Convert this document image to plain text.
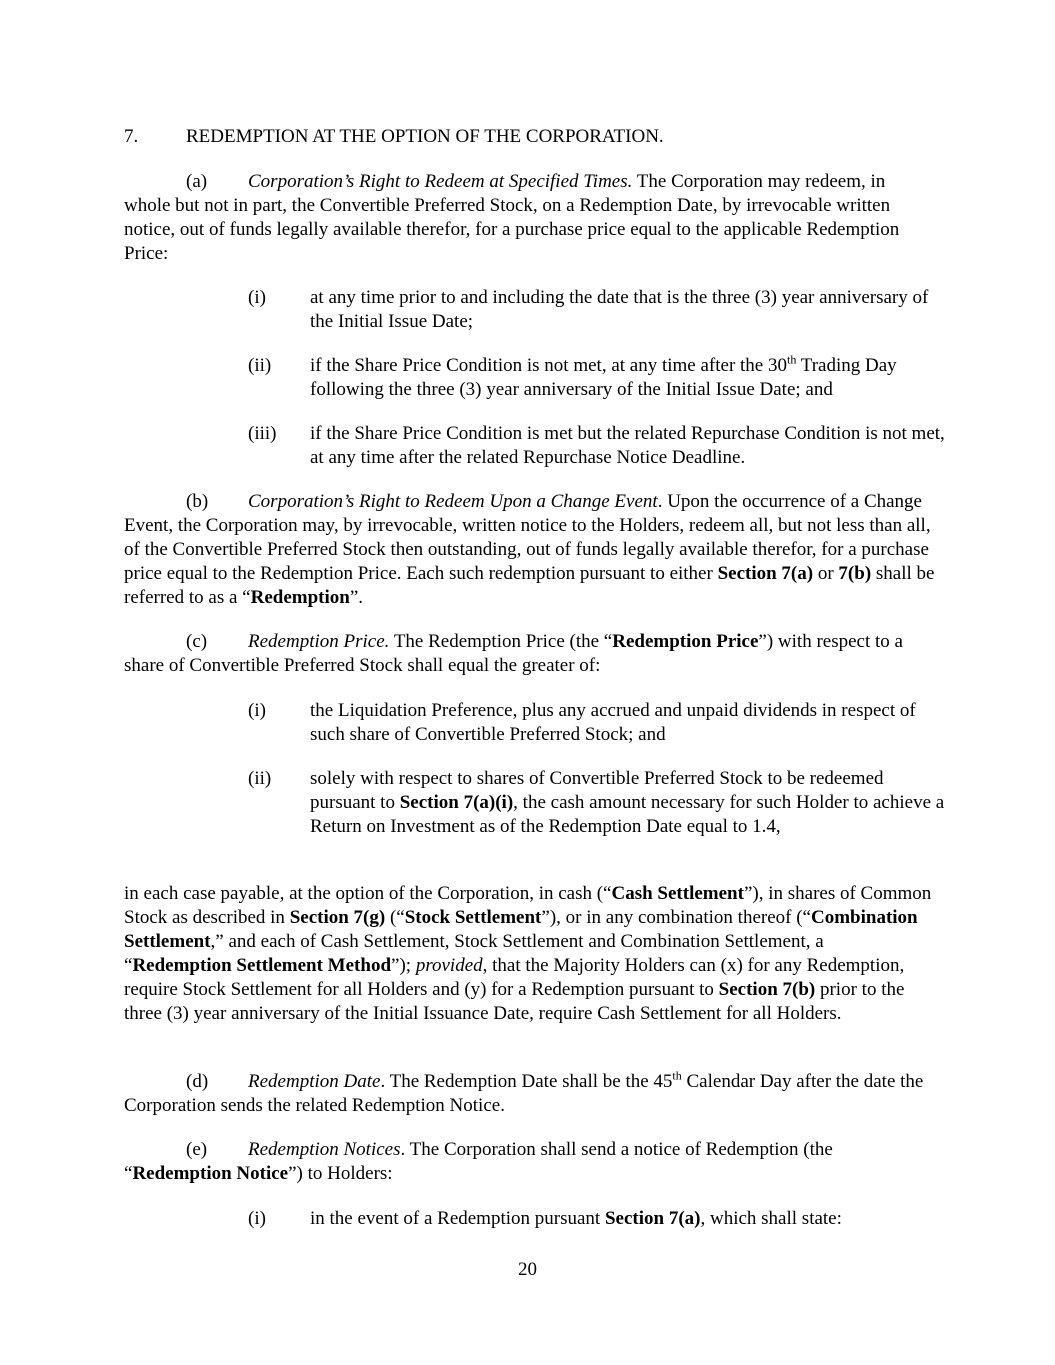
7.	REDEMPTION AT THE OPTION OF THE CORPORATION.

(a) Corporation’s Right to Redeem at Specified Times. The Corporation may redeem, in whole but not in part, the Convertible Preferred Stock, on a Redemption Date, by irrevocable written notice, out of funds legally available therefor, for a purchase price equal to the applicable Redemption Price:

(i) at any time prior to and including the date that is the three (3) year anniversary of the Initial Issue Date;
(ii) if the Share Price Condition is not met, at any time after the 30th Trading Day following the three (3) year anniversary of the Initial Issue Date; and
(iii) if the Share Price Condition is met but the related Repurchase Condition is not met, at any time after the related Repurchase Notice Deadline.

(b) Corporation’s Right to Redeem Upon a Change Event. Upon the occurrence of a Change Event, the Corporation may, by irrevocable, written notice to the Holders, redeem all, but not less than all, of the Convertible Preferred Stock then outstanding, out of funds legally available therefor, for a purchase price equal to the Redemption Price. Each such redemption pursuant to either Section 7(a) or 7(b) shall be referred to as a “Redemption”.

(c) Redemption Price. The Redemption Price (the “Redemption Price”) with respect to a share of Convertible Preferred Stock shall equal the greater of:

(i) the Liquidation Preference, plus any accrued and unpaid dividends in respect of such share of Convertible Preferred Stock; and
(ii) solely with respect to shares of Convertible Preferred Stock to be redeemed pursuant to Section 7(a)(i), the cash amount necessary for such Holder to achieve a Return on Investment as of the Redemption Date equal to 1.4,

in each case payable, at the option of the Corporation, in cash (“Cash Settlement”), in shares of Common Stock as described in Section 7(g) (“Stock Settlement”), or in any combination thereof (“Combination Settlement,” and each of Cash Settlement, Stock Settlement and Combination Settlement, a “Redemption Settlement Method”); provided, that the Majority Holders can (x) for any Redemption, require Stock Settlement for all Holders and (y) for a Redemption pursuant to Section 7(b) prior to the three (3) year anniversary of the Initial Issuance Date, require Cash Settlement for all Holders.

(d) Redemption Date. The Redemption Date shall be the 45th Calendar Day after the date the Corporation sends the related Redemption Notice.

(e) Redemption Notices. The Corporation shall send a notice of Redemption (the “Redemption Notice”) to Holders:

(i) in the event of a Redemption pursuant Section 7(a), which shall state:
20
